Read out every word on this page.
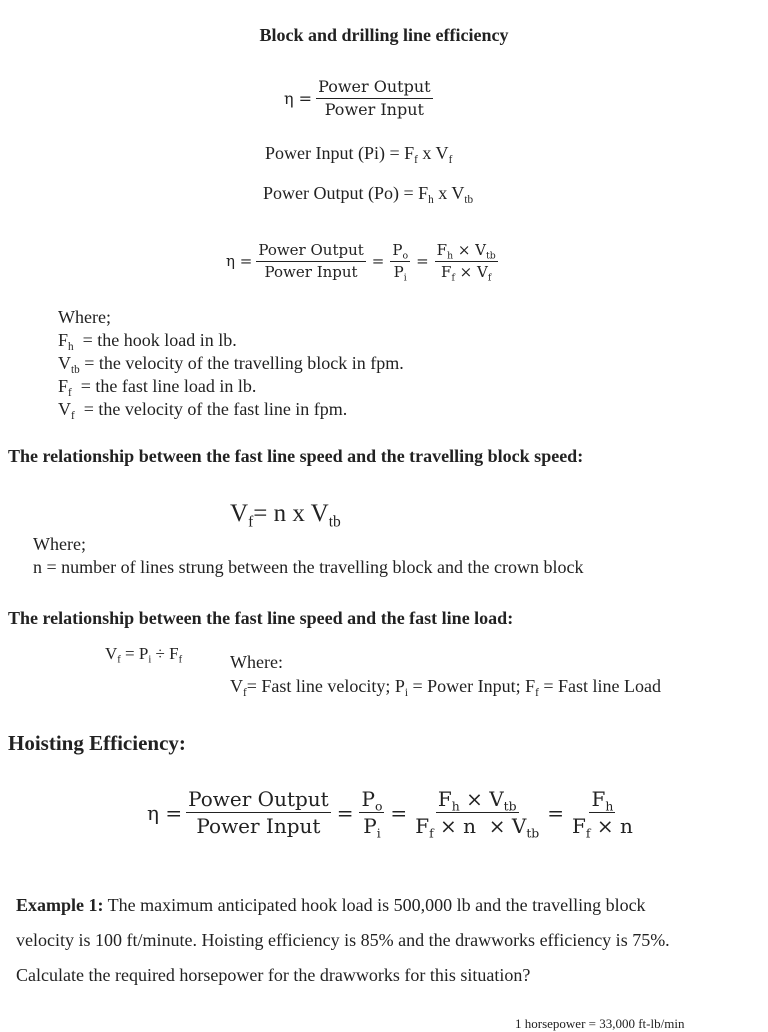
Block and drilling line efficiency
$\eta = \frac{\text{Power Output}}{\text{Power Input}}$
Power Input $(Pi) = F_f$ x $V_f$
Power Output $(Po) = F_h$ x $V_{tb}$
$\eta = \frac{\text{Power Output}}{\text{Power Input}} = \frac{P_o}{P_i} = \frac{F_h \times V_{tb}}{F_f \times V_f}$
Where;
$F_h$  = the hook load in lb.
$V_{tb}$ = the velocity of the travelling block in fpm.
$F_f$  = the fast line load in lb.
$V_f$  = the velocity of the fast line in fpm.
The relationship between the fast line speed and the travelling block speed:
$V_f= n$ x $V_{tb}$
Where;
n = number of lines strung between the travelling block and the crown block
The relationship between the fast line speed and the fast line load:
$V_f = P_i \div F_f$	Where:
$V_f=$ Fast line velocity; $P_i$ = Power Input; $F_f$ = Fast line Load
Hoisting Efficiency:
$\eta = \frac{\text{Power Output}}{\text{Power Input}} = \frac{P_o}{P_i} = \frac{F_h \times V_{tb}}{F_f \times n \times V_{tb}} = \frac{F_h}{F_f \times n}$
Example 1: The maximum anticipated hook load is 500,000 lb and the travelling block
velocity is 100 ft/minute. Hoisting efficiency is 85% and the drawworks efficiency is 75%.
Calculate the required horsepower for the drawworks for this situation?
1 horsepower = 33,000 ft-lb/min
